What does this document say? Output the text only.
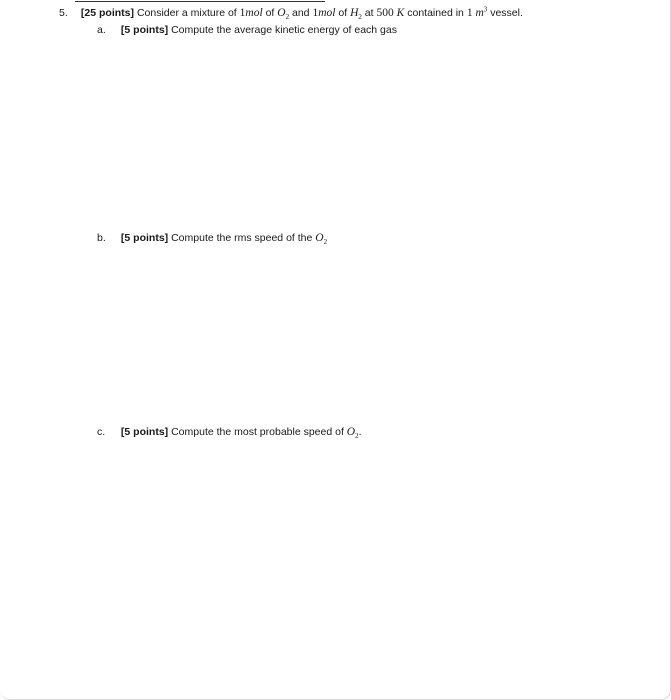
5. [25 points] Consider a mixture of 1mol of $O_2$ and 1mol of $H_2$ at 500 K contained in 1 $m^3$ vessel.
a. [5 points] Compute the average kinetic energy of each gas
b. [5 points] Compute the rms speed of the $O_2$
c. [5 points] Compute the most probable speed of $O_2$.
